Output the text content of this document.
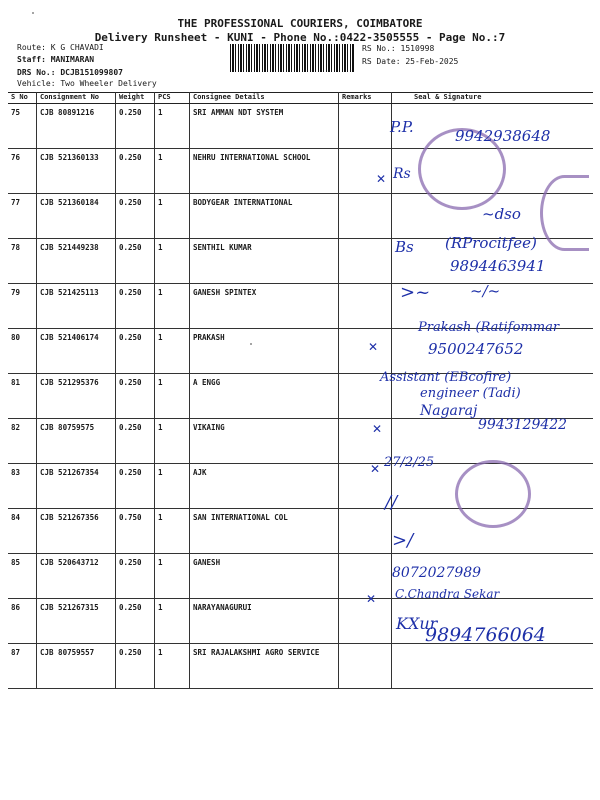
THE PROFESSIONAL COURIERS, COIMBATORE
Delivery Runsheet - KUNI - Phone No.:0422-3505555 - Page No.:7
Route: K G CHAVADI
Staff: MANIMARAN
DRS No.: DCJB151099807
Vehicle: Two Wheeler Delivery
RS No.: 1510998
RS Date: 25-Feb-2025
S No	Consignment No	Weight	PCS	Consignee Details	Remarks	Seal & Signature
75	CJB 80891216	0.250	1	SRI AMMAN NDT SYSTEM		
76	CJB 521360133	0.250	1	NEHRU INTERNATIONAL SCHOOL		
77	CJB 521360184	0.250	1	BODYGEAR INTERNATIONAL		
78	CJB 521449238	0.250	1	SENTHIL KUMAR		
79	CJB 521425113	0.250	1	GANESH SPINTEX		
80	CJB 521406174	0.250	1	PRAKASH		
81	CJB 521295376	0.250	1	A ENGG		
82	CJB 80759575	0.250	1	VIKAING		
83	CJB 521267354	0.250	1	AJK		
84	CJB 521267356	0.750	1	SAN INTERNATIONAL COL		
85	CJB 520643712	0.250	1	GANESH		
86	CJB 521267315	0.250	1	NARAYANAGURUI		
87	CJB 80759557	0.250	1	SRI RAJALAKSHMI AGRO SERVICE		
P.P.	9942938648
✕ Rs
~dso
Bs (RProcitfee)
9894463941
>~	~/~
Prakash (Ratifommar
9500247652
✕
Assistant (EBcofire)
engineer (Tadi)
Nagaraj
9943129422
✕
27/2/25
✕
//
>/
8072027989
C.Chandra Sekar
✕
KXur
9894766064
